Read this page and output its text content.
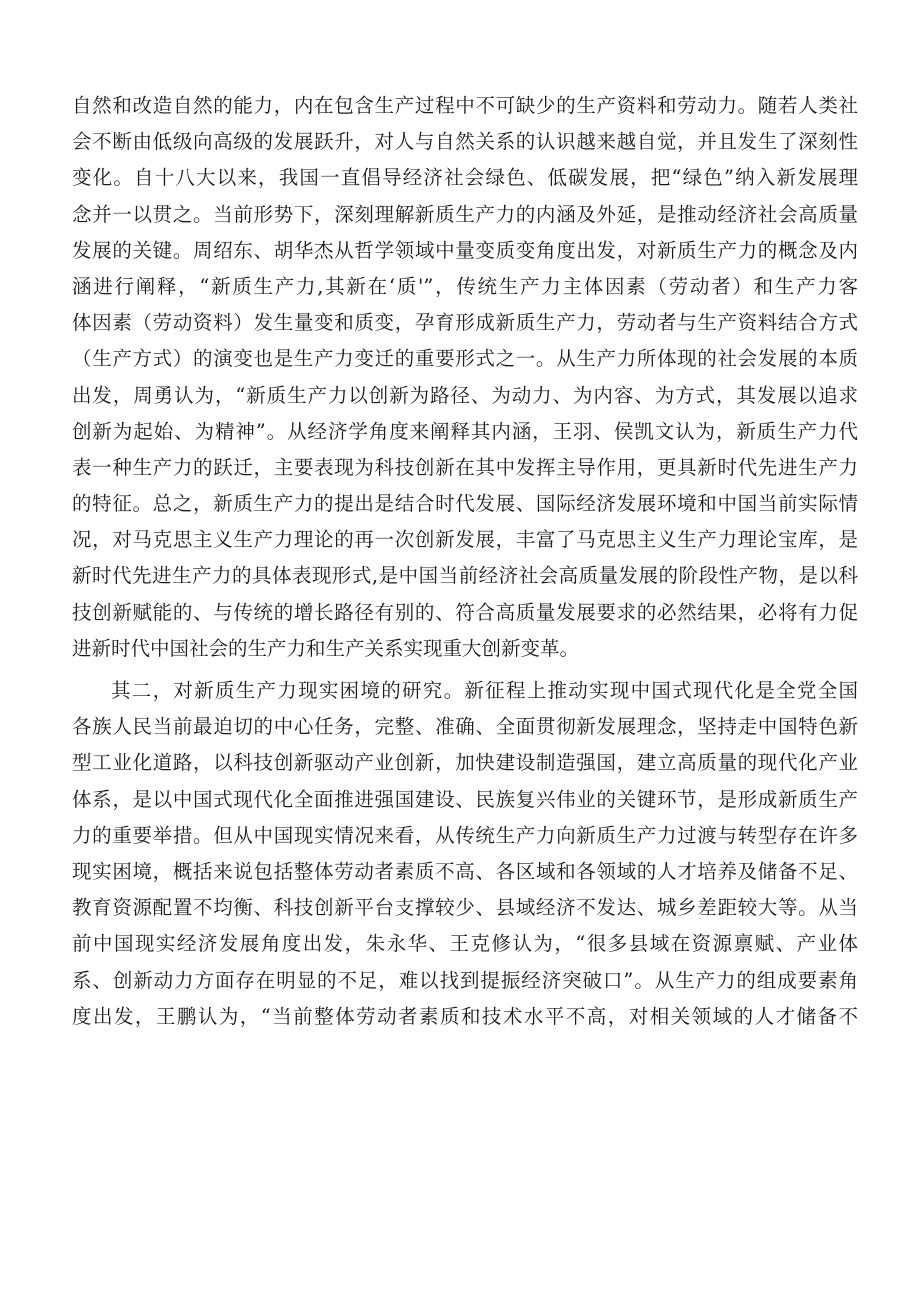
自然和改造自然的能力，内在包含生产过程中不可缺少的生产资料和劳动力。随若人类社
会不断由低级向高级的发展跃升，对人与自然关系的认识越来越自觉，并且发生了深刻性
变化。自十八大以来，我国一直倡导经济社会绿色、低碳发展，把“绿色”纳入新发展理
念并一以贯之。当前形势下，深刻理解新质生产力的内涵及外延，是推动经济社会高质量
发展的关键。周绍东、胡华杰从哲学领域中量变质变角度出发，对新质生产力的概念及内
涵进行阐释，“新质生产力,其新在‘质'”，传统生产力主体因素（劳动者）和生产力客
体因素（劳动资料）发生量变和质变，孕育形成新质生产力，劳动者与生产资料结合方式
（生产方式）的演变也是生产力变迁的重要形式之一。从生产力所体现的社会发展的本质
出发，周勇认为，“新质生产力以创新为路径、为动力、为内容、为方式，其发展以追求
创新为起始、为精神”。从经济学角度来阐释其内涵，王羽、侯凯文认为，新质生产力代
表一种生产力的跃迁，主要表现为科技创新在其中发挥主导作用，更具新时代先进生产力
的特征。总之，新质生产力的提出是结合时代发展、国际经济发展环境和中国当前实际情
况，对马克思主义生产力理论的再一次创新发展，丰富了马克思主义生产力理论宝库，是
新时代先进生产力的具体表现形式,是中国当前经济社会高质量发展的阶段性产物，是以科
技创新赋能的、与传统的增长路径有别的、符合高质量发展要求的必然结果，必将有力促
进新时代中国社会的生产力和生产关系实现重大创新变革。
其二，对新质生产力现实困境的研究。新征程上推动实现中国式现代化是全党全国
各族人民当前最迫切的中心任务，完整、准确、全面贯彻新发展理念，坚持走中国特色新
型工业化道路，以科技创新驱动产业创新，加快建设制造强国，建立高质量的现代化产业
体系，是以中国式现代化全面推进强国建设、民族复兴伟业的关键环节，是形成新质生产
力的重要举措。但从中国现实情况来看，从传统生产力向新质生产力过渡与转型存在许多
现实困境，概括来说包括整体劳动者素质不高、各区域和各领域的人才培养及储备不足、
教育资源配置不均衡、科技创新平台支撑较少、县域经济不发达、城乡差距较大等。从当
前中国现实经济发展角度出发，朱永华、王克修认为，“很多县域在资源禀赋、产业体
系、创新动力方面存在明显的不足，难以找到提振经济突破口”。从生产力的组成要素角
度出发，王鹏认为，“当前整体劳动者素质和技术水平不高，对相关领域的人才储备不
